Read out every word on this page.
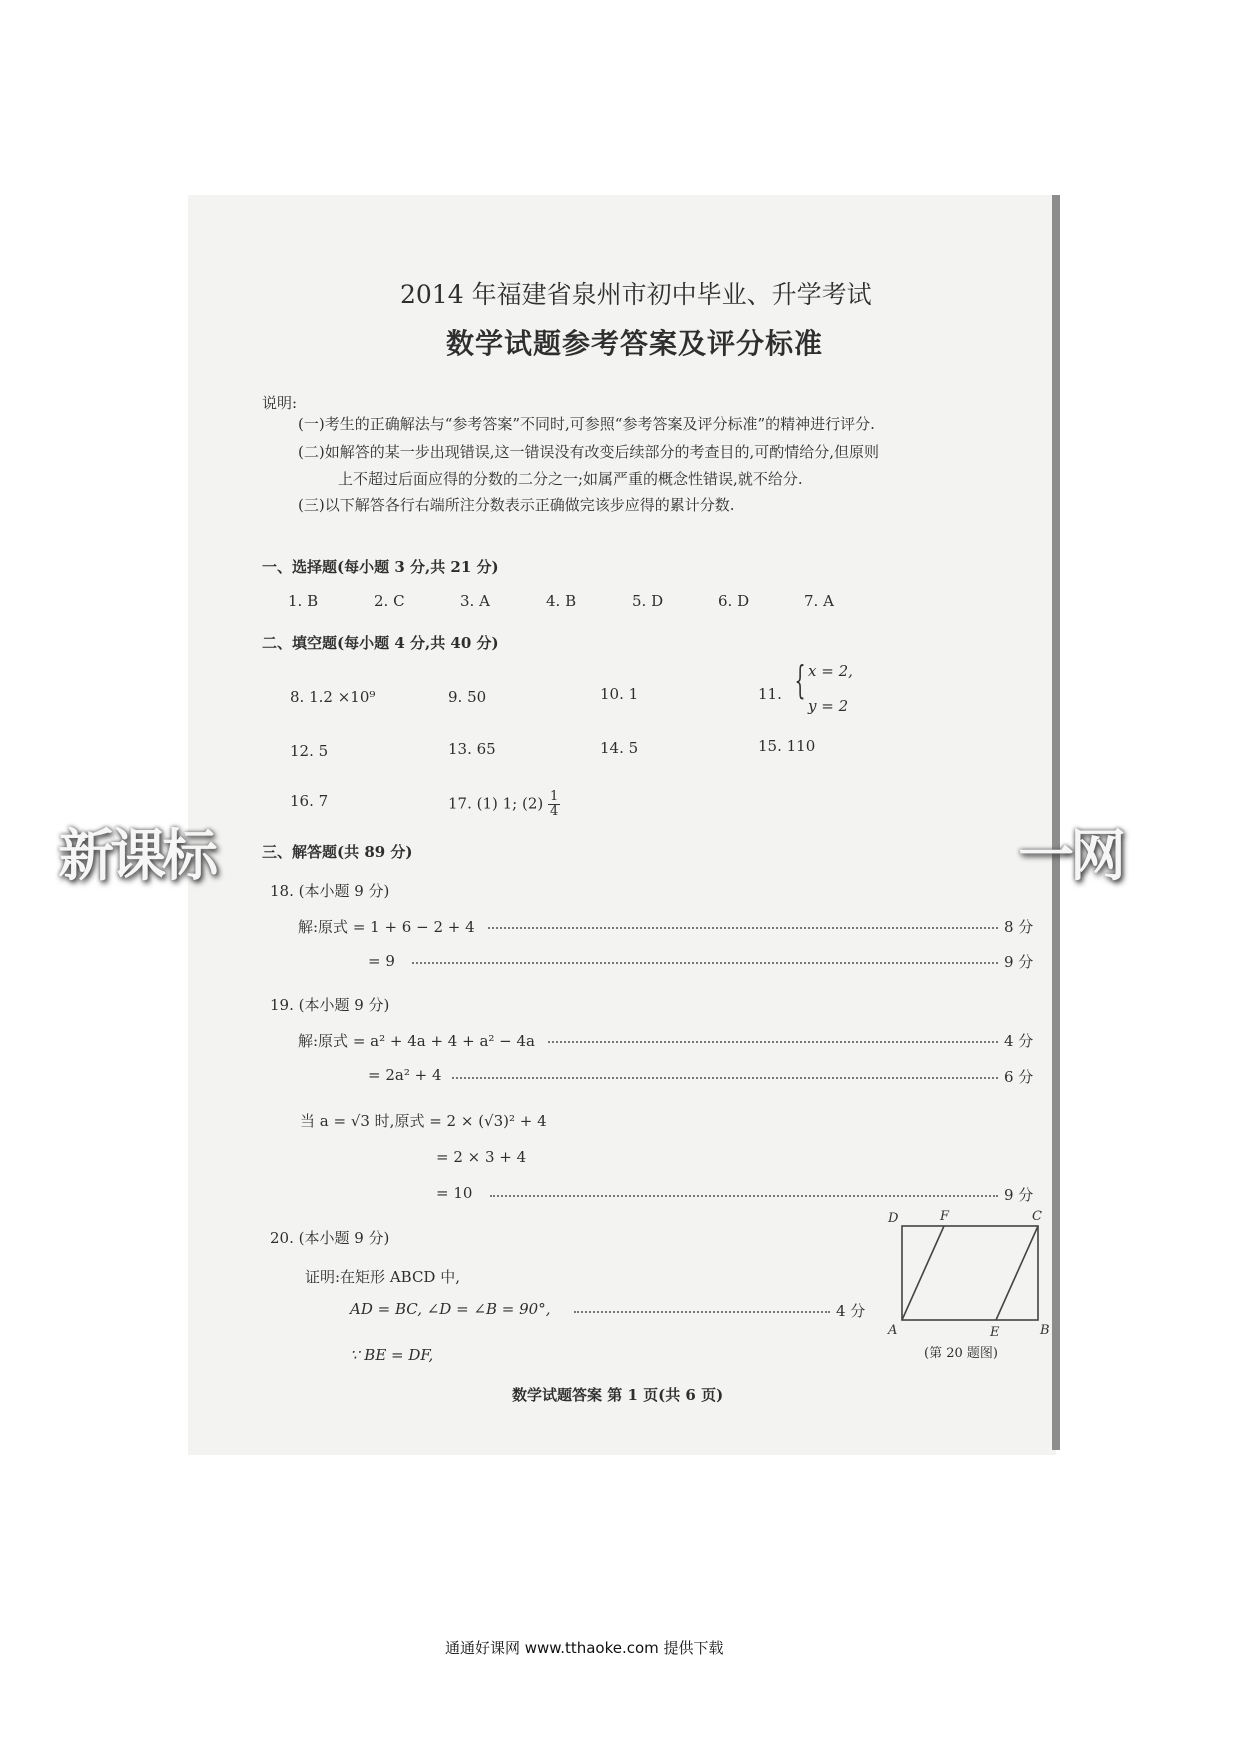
新课标	一网
2014 年福建省泉州市初中毕业、升学考试
数学试题参考答案及评分标准
说明:
(一)考生的正确解法与“参考答案”不同时,可参照“参考答案及评分标准”的精神进行评分.
(二)如解答的某一步出现错误,这一错误没有改变后续部分的考查目的,可酌情给分,但原则
上不超过后面应得的分数的二分之一;如属严重的概念性错误,就不给分.
(三)以下解答各行右端所注分数表示正确做完该步应得的累计分数.
一、选择题(每小题 3 分,共 21 分)
1. B	2. C	3. A	4. B	5. D	6. D	7. A
二、填空题(每小题 4 分,共 40 分)
8. 1.2 ×10⁹	9. 50	10. 1	11. { x = 2,
y = 2
12. 5	13. 65	14. 5	15. 110
16. 7	17. (1) 1; $(2) \frac{1}{4}$
三、解答题(共 89 分)
18. (本小题 9 分)
解:原式 = 1 + 6 − 2 + 4	8 分
= 9	9 分
19. (本小题 9 分)
解:原式 = a² + 4a + 4 + a² − 4a	4 分
= 2a² + 4	6 分
当 a = √3 时,原式 = 2 × (√3)² + 4
= 2 × 3 + 4
= 10	9 分
20. (本小题 9 分)
证明:在矩形 ABCD 中,
AD = BC, ∠D = ∠B = 90°,	4 分
∵ BE = DF,
D	F	C
A	E	B
(第 20 题图)
数学试题答案 第 1 页(共 6 页)
通通好课网 www.tthaoke.com 提供下载
